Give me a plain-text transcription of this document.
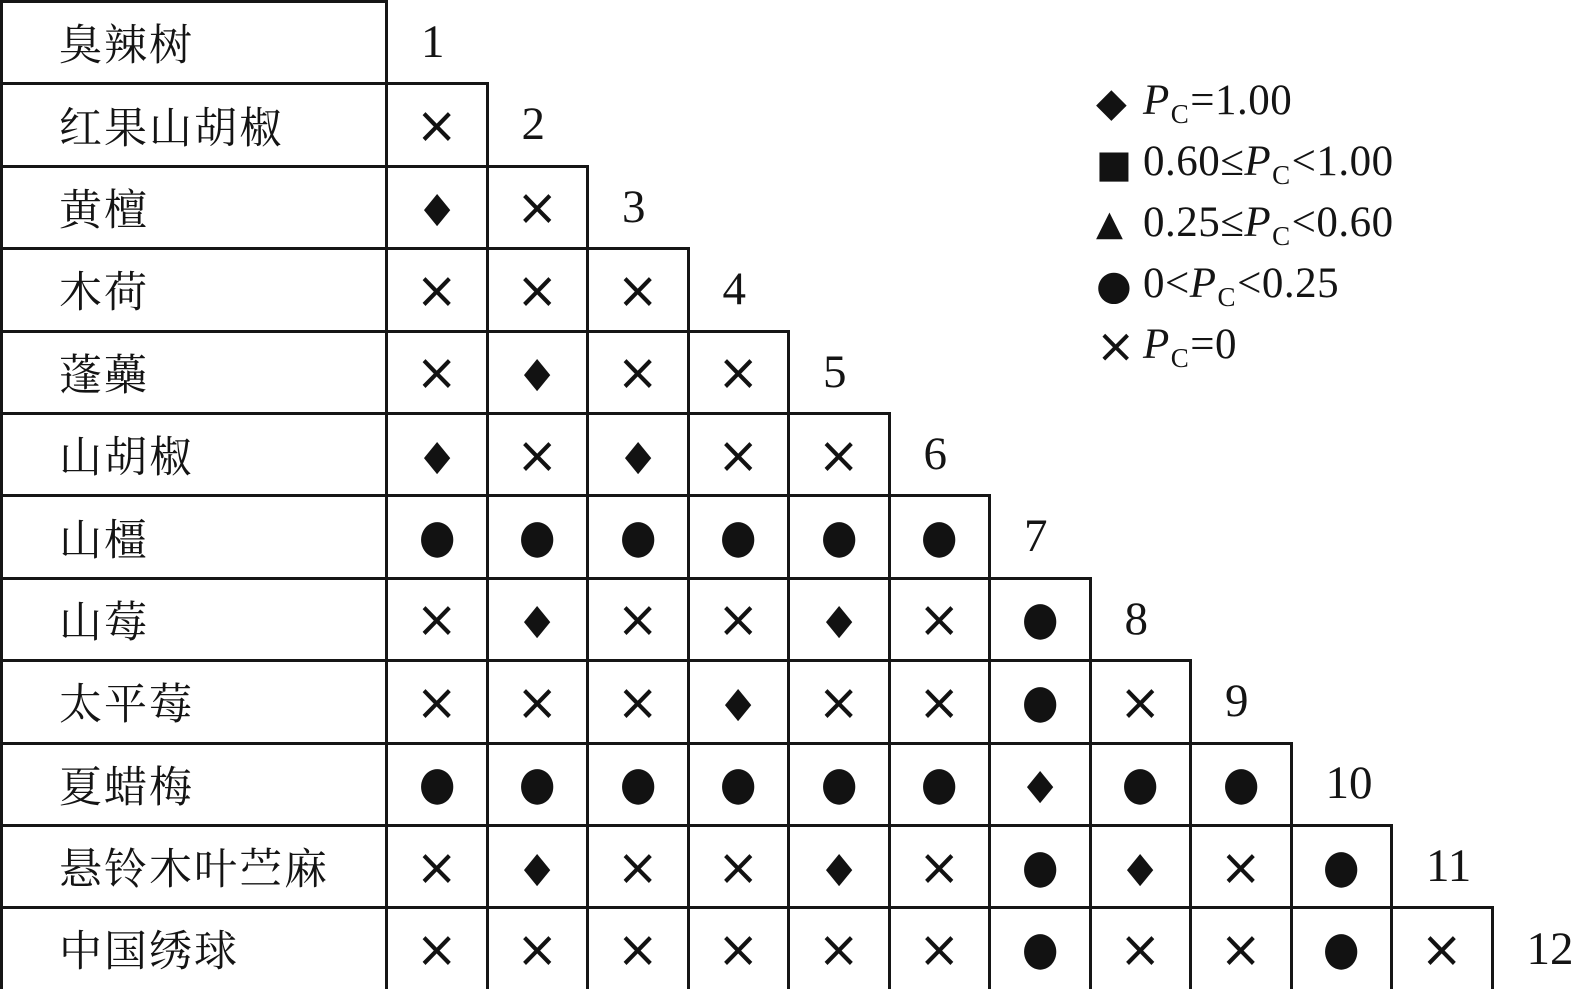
臭辣树	1											
红果山胡椒	×	2										
黄檀	◆	×	3									
木荷	×	×	×	4								
蓬蘽	×	◆	×	×	5							
山胡椒	◆	×	◆	×	×	6						
山橿	●	●	●	●	●	●	7					
山莓	×	◆	×	×	◆	×	●	8				
太平莓	×	×	×	◆	×	×	●	×	9			
夏蜡梅	●	●	●	●	●	●	◆	●	●	10		
悬铃木叶苎麻	×	◆	×	×	◆	×	●	◆	×	●	11	
中国绣球	×	×	×	×	×	×	●	×	×	●	×	12
◆ $P_C=1.00$
■ $0.60\le P_C<1.00$
▲ $0.25\le P_C<0.60$
● $0<P_C<0.25$
× $P_C=0$
